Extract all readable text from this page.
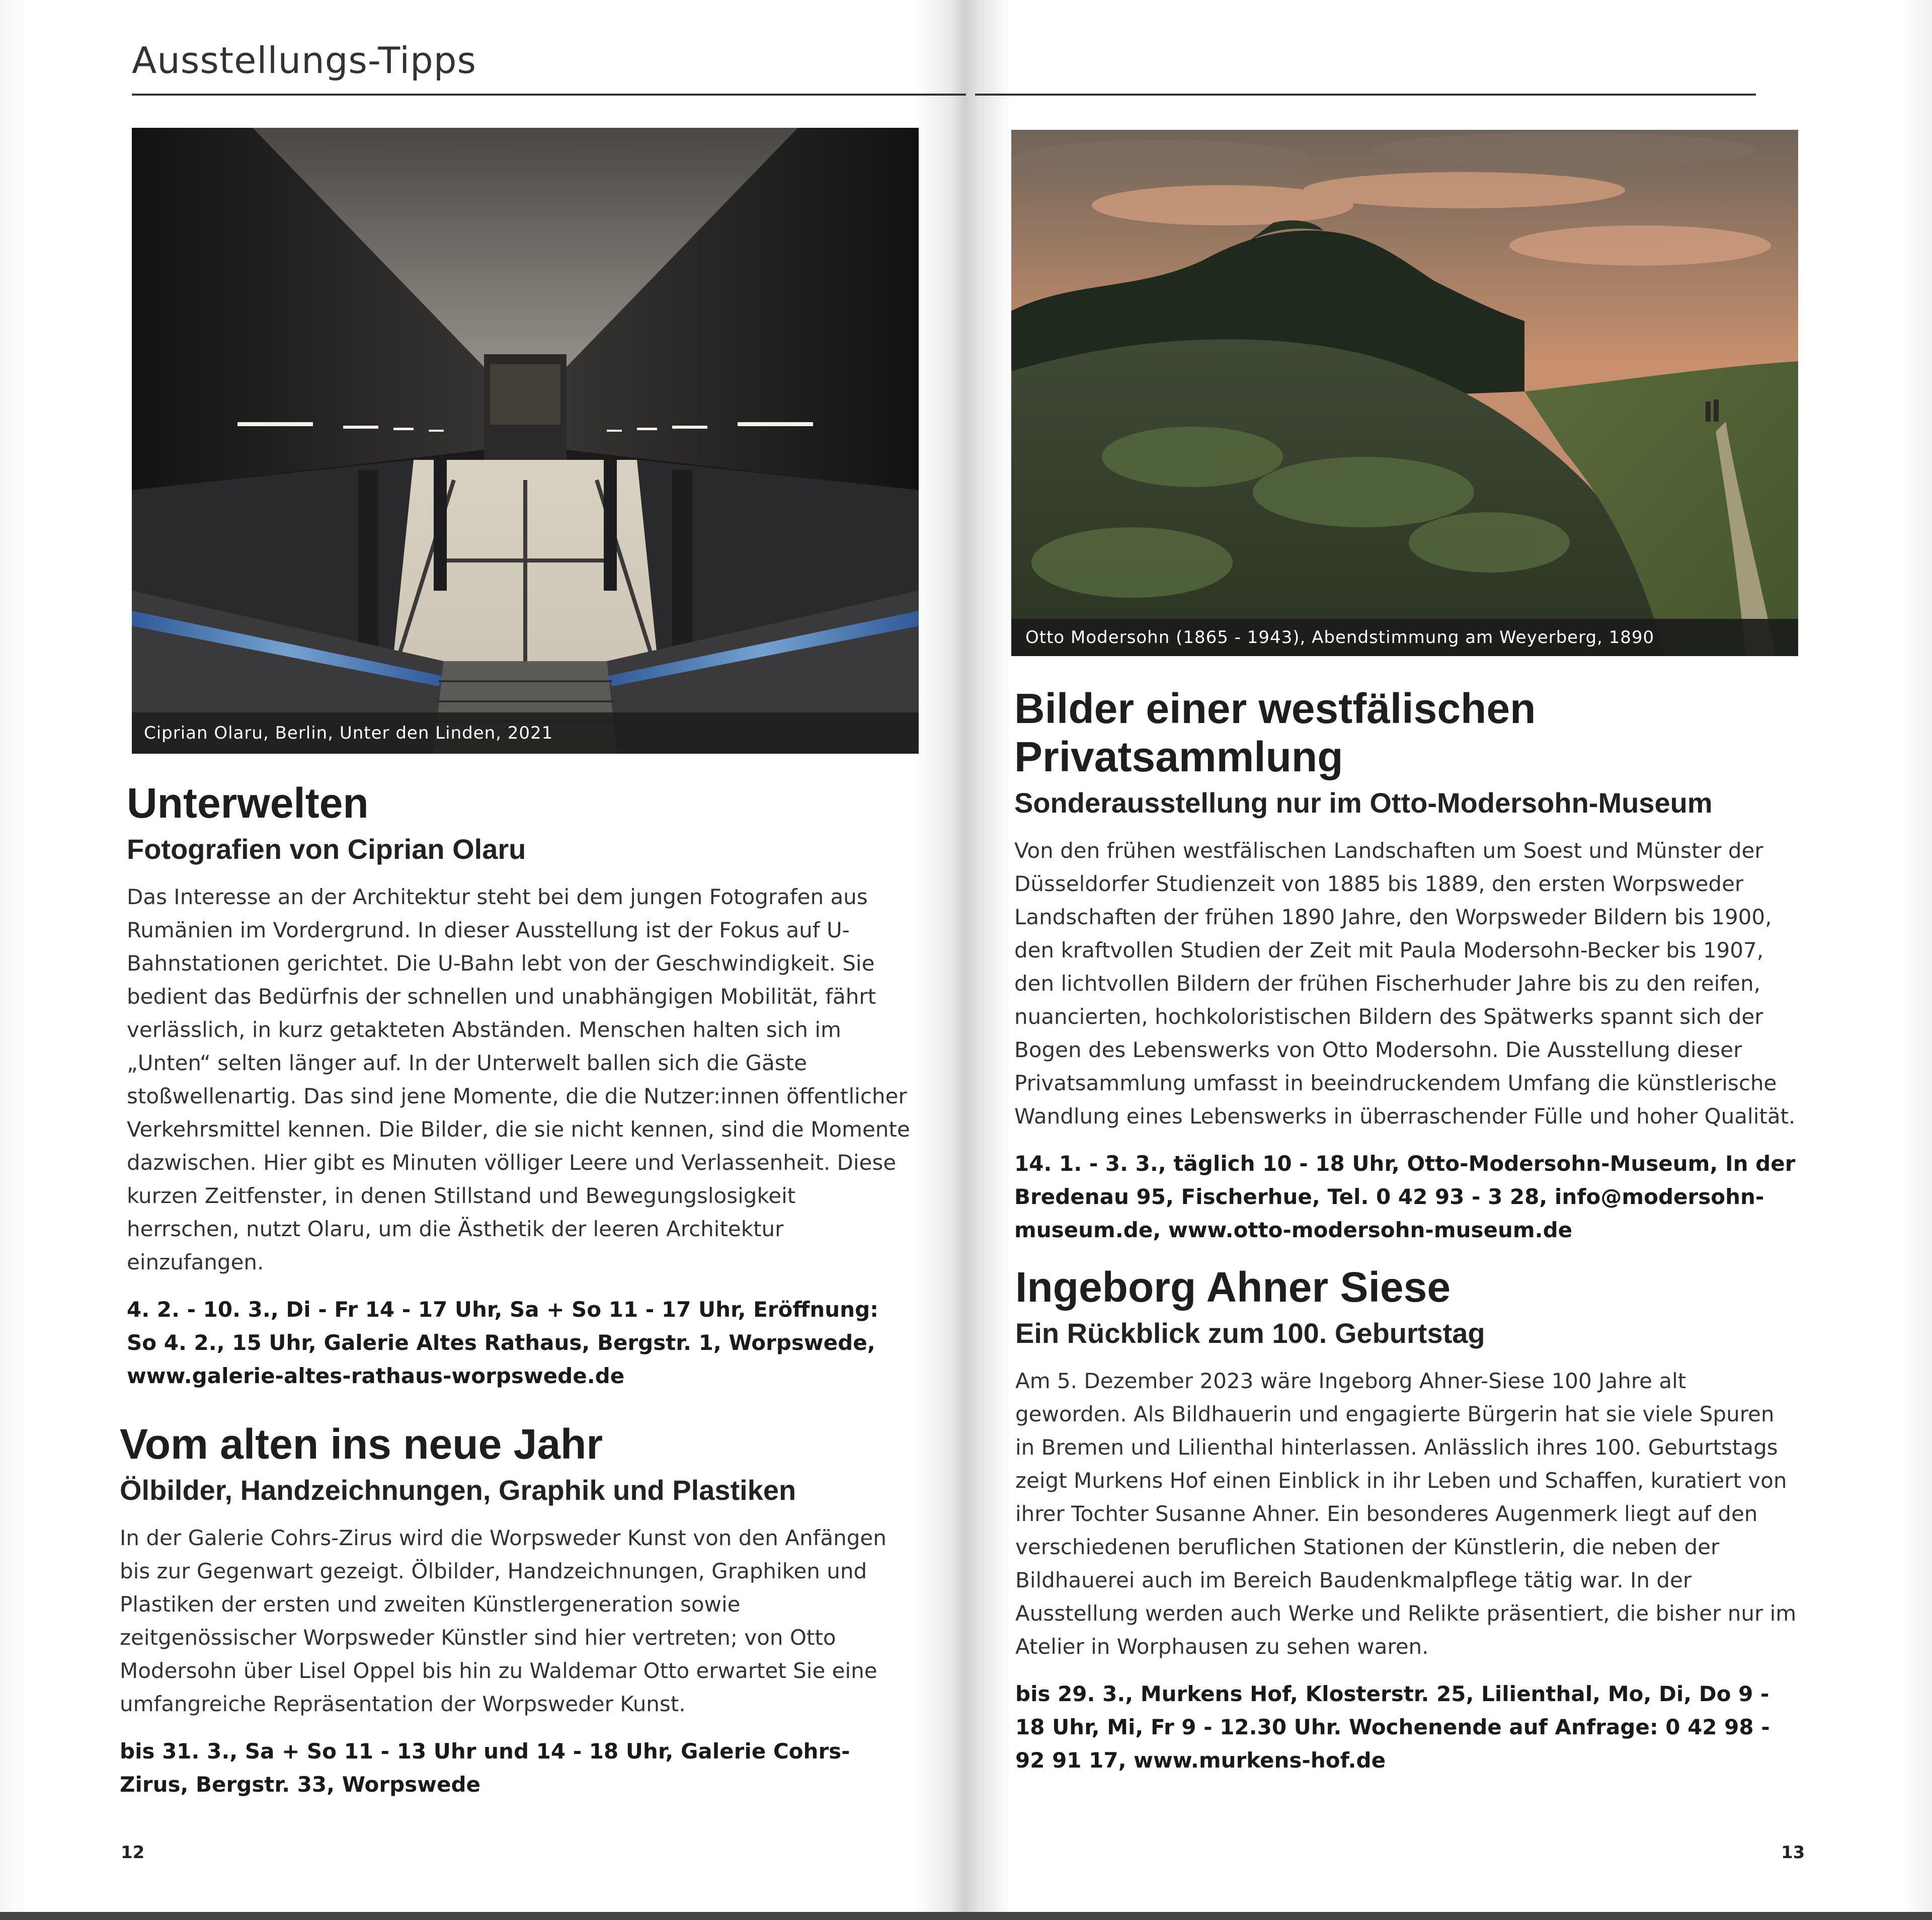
Ausstellungs-Tipps
Ciprian Olaru, Berlin, Unter den Linden, 2021
Unterwelten
Fotografien von Ciprian Olaru

Das Interesse an der Architektur steht bei dem jungen Fotografen aus Rumänien im Vordergrund. In dieser Ausstellung ist der Fokus auf U-Bahnstationen gerichtet. Die U-Bahn lebt von der Geschwindigkeit. Sie bedient das Bedürfnis der schnellen und unabhängigen Mobilität, fährt verlässlich, in kurz getakteten Abständen. Menschen halten sich im „Unten“ selten länger auf. In der Unterwelt ballen sich die Gäste stoßwellenartig. Das sind jene Momente, die die Nutzer:innen öffentlicher Verkehrsmittel kennen. Die Bilder, die sie nicht kennen, sind die Momente dazwischen. Hier gibt es Minuten völliger Leere und Verlassenheit. Diese kurzen Zeitfenster, in denen Stillstand und Bewegungslosigkeit herrschen, nutzt Olaru, um die Ästhetik der leeren Architektur einzufangen.

4. 2. - 10. 3., Di - Fr 14 - 17 Uhr, Sa + So 11 - 17 Uhr, Eröffnung: So 4. 2., 15 Uhr, Galerie Altes Rathaus, Bergstr. 1, Worpswede, www.galerie-altes-rathaus-worpswede.de

Vom alten ins neue Jahr
Ölbilder, Handzeichnungen, Graphik und Plastiken

In der Galerie Cohrs-Zirus wird die Worpsweder Kunst von den Anfängen bis zur Gegenwart gezeigt. Ölbilder, Handzeichnungen, Graphiken und Plastiken der ersten und zweiten Künstlergeneration sowie zeitgenössischer Worpsweder Künstler sind hier vertreten; von Otto Modersohn über Lisel Oppel bis hin zu Waldemar Otto erwartet Sie eine umfangreiche Repräsentation der Worpsweder Kunst.

bis 31. 3., Sa + So 11 - 13 Uhr und 14 - 18 Uhr, Galerie Cohrs-Zirus, Bergstr. 33, Worpswede

12
Otto Modersohn (1865 - 1943), Abendstimmung am Weyerberg, 1890
Bilder einer westfälischen Privatsammlung
Sonderausstellung nur im Otto-Modersohn-Museum

Von den frühen westfälischen Landschaften um Soest und Münster der Düsseldorfer Studienzeit von 1885 bis 1889, den ersten Worpsweder Landschaften der frühen 1890 Jahre, den Worpsweder Bildern bis 1900, den kraftvollen Studien der Zeit mit Paula Modersohn-Becker bis 1907, den lichtvollen Bildern der frühen Fischerhuder Jahre bis zu den reifen, nuancierten, hochkoloristischen Bildern des Spätwerks spannt sich der Bogen des Lebenswerks von Otto Modersohn. Die Ausstellung dieser Privatsammlung umfasst in beeindruckendem Umfang die künstlerische Wandlung eines Lebenswerks in überraschender Fülle und hoher Qualität.

14. 1. - 3. 3., täglich 10 - 18 Uhr, Otto-Modersohn-Museum, In der Bredenau 95, Fischerhue, Tel. 0 42 93 - 3 28, info@modersohn-museum.de, www.otto-modersohn-museum.de

Ingeborg Ahner Siese
Ein Rückblick zum 100. Geburtstag

Am 5. Dezember 2023 wäre Ingeborg Ahner-Siese 100 Jahre alt geworden. Als Bildhauerin und engagierte Bürgerin hat sie viele Spuren in Bremen und Lilienthal hinterlassen. Anlässlich ihres 100. Geburtstags zeigt Murkens Hof einen Einblick in ihr Leben und Schaffen, kuratiert von ihrer Tochter Susanne Ahner. Ein besonderes Augenmerk liegt auf den verschiedenen beruflichen Stationen der Künstlerin, die neben der Bildhauerei auch im Bereich Baudenkmalpflege tätig war. In der Ausstellung werden auch Werke und Relikte präsentiert, die bisher nur im Atelier in Worphausen zu sehen waren.

bis 29. 3., Murkens Hof, Klosterstr. 25, Lilienthal, Mo, Di, Do 9 - 18 Uhr, Mi, Fr 9 - 12.30 Uhr. Wochenende auf Anfrage: 0 42 98 - 92 91 17, www.murkens-hof.de

13
